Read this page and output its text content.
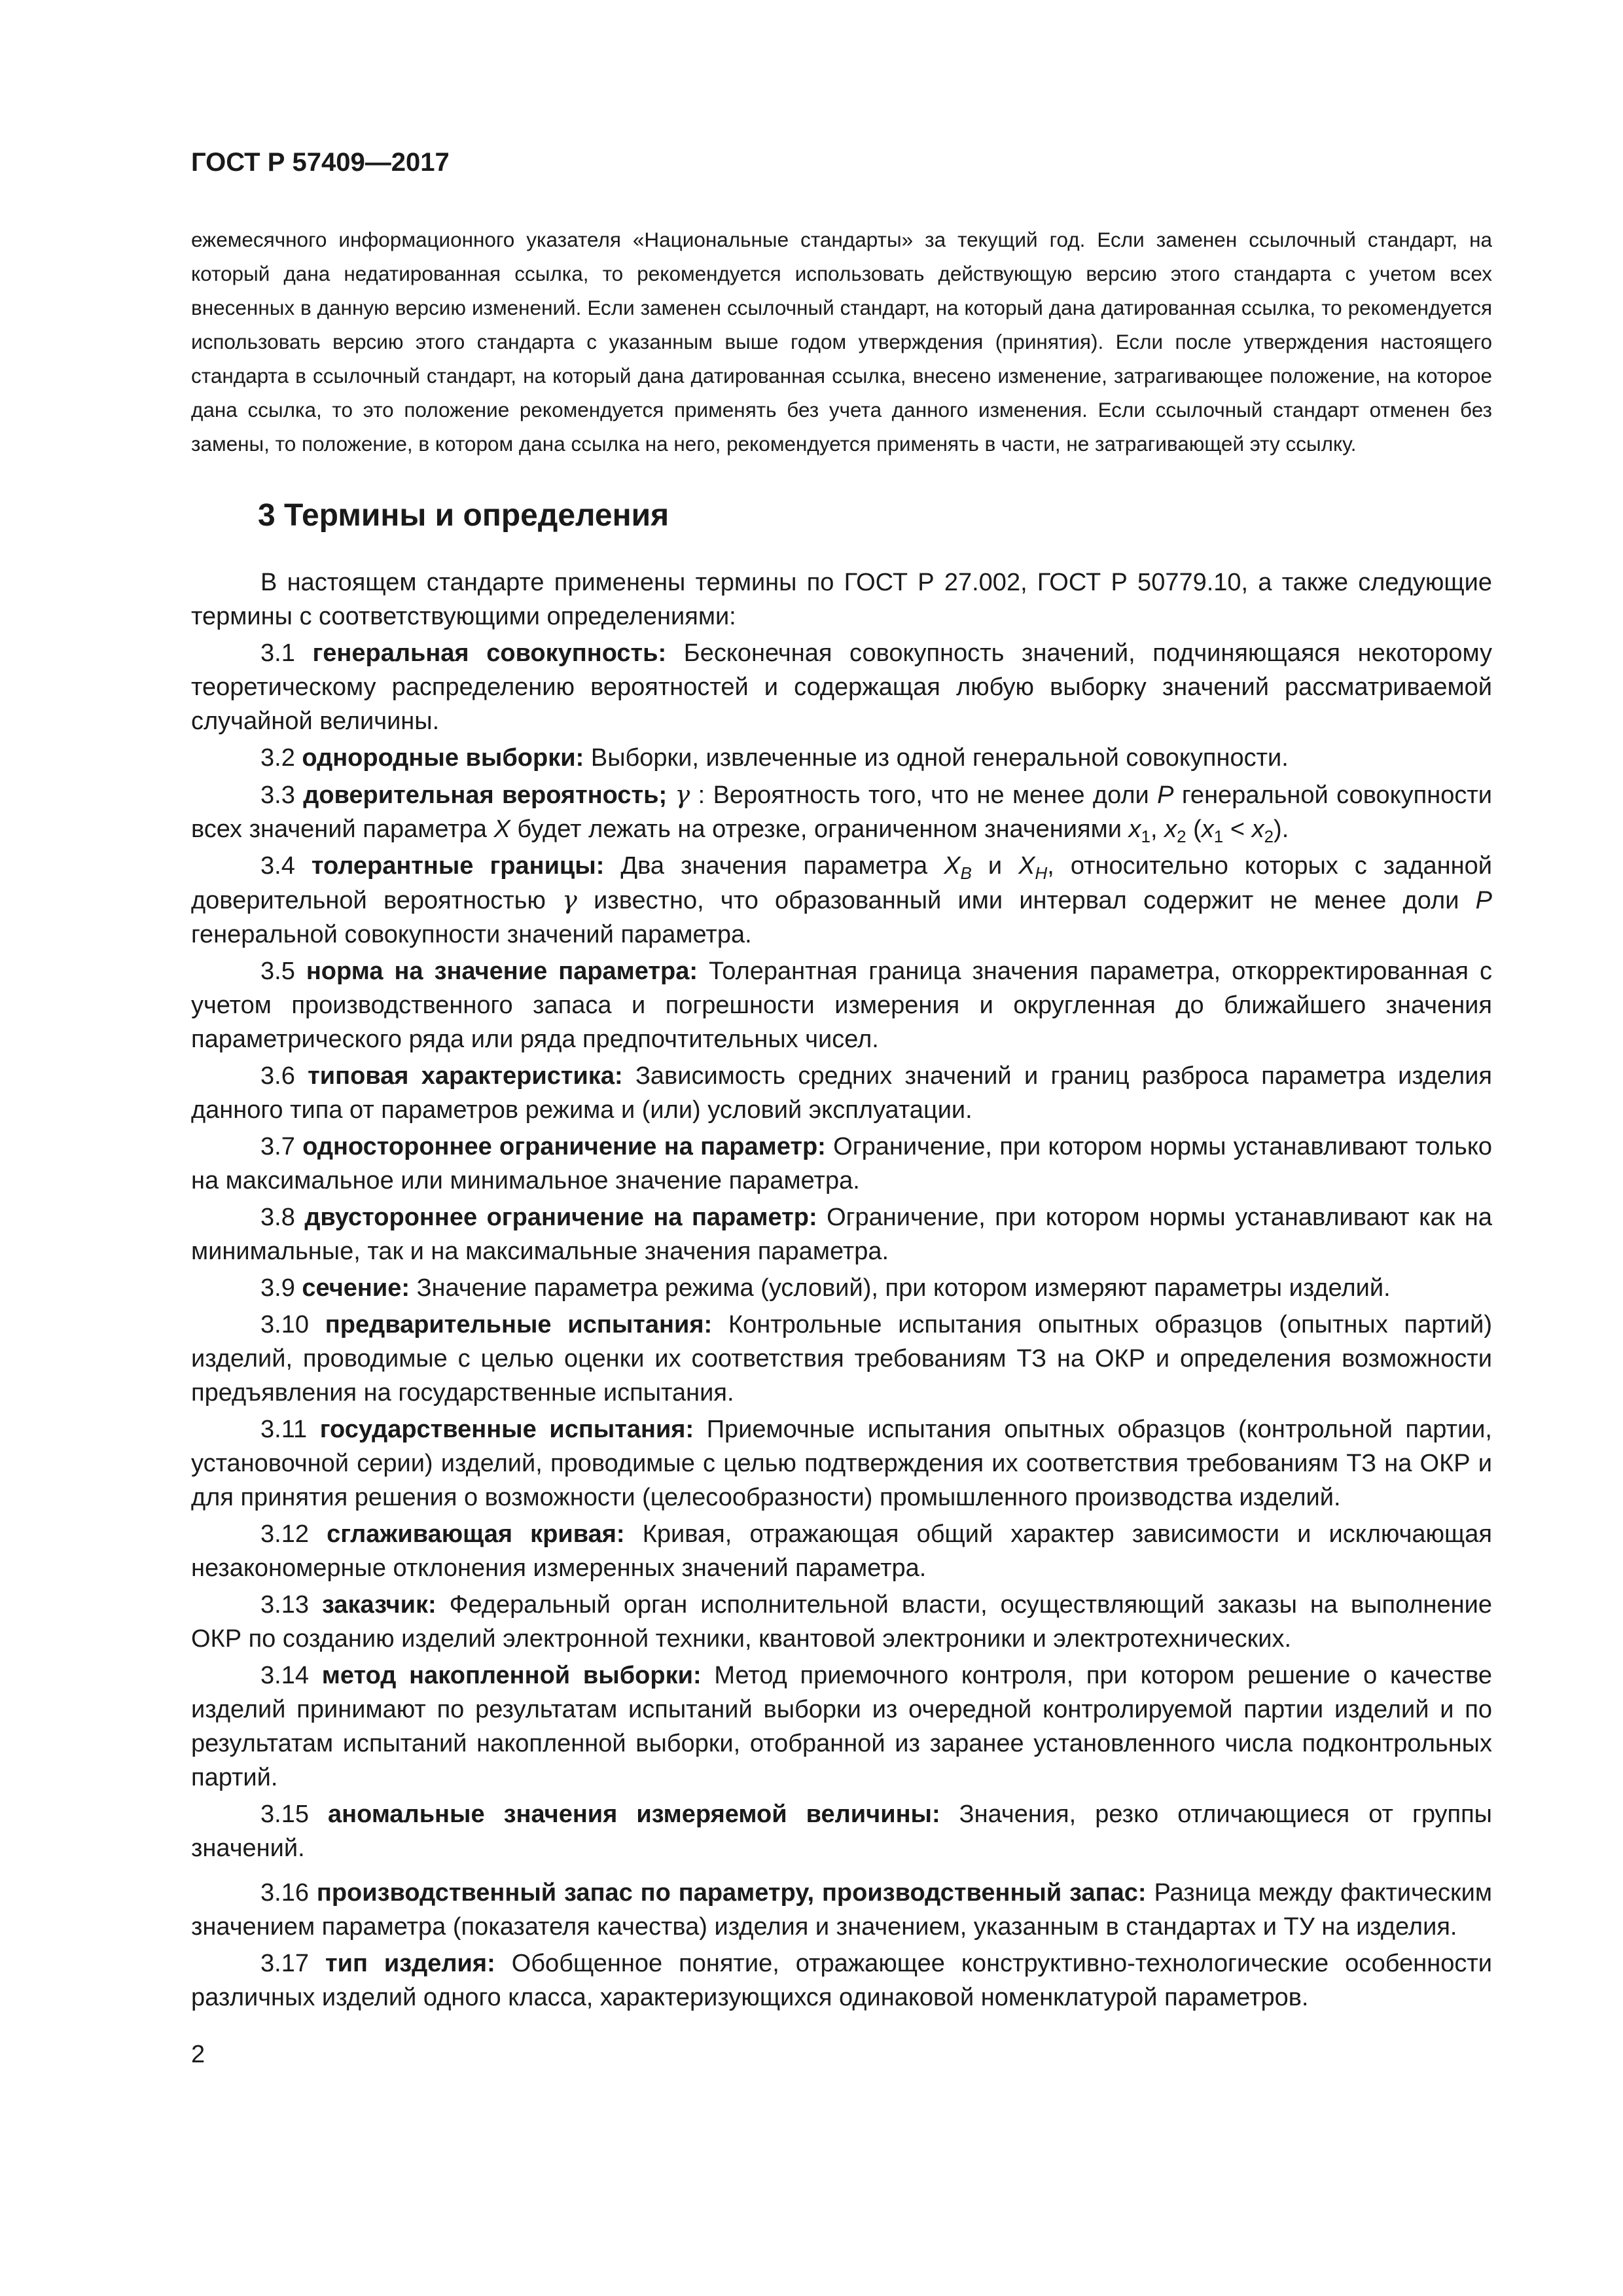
ГОСТ Р 57409—2017

ежемесячного информационного указателя «Национальные стандарты» за текущий год. Если заменен ссылочный стандарт, на который дана недатированная ссылка, то рекомендуется использовать действующую версию этого стандарта с учетом всех внесенных в данную версию изменений. Если заменен ссылочный стандарт, на который дана датированная ссылка, то рекомендуется использовать версию этого стандарта с указанным выше годом утверждения (принятия). Если после утверждения настоящего стандарта в ссылочный стандарт, на который дана датированная ссылка, внесено изменение, затрагивающее положение, на которое дана ссылка, то это положение рекомендуется применять без учета данного изменения. Если ссылочный стандарт отменен без замены, то положение, в котором дана ссылка на него, рекомендуется применять в части, не затрагивающей эту ссылку.

3 Термины и определения

В настоящем стандарте применены термины по ГОСТ Р 27.002, ГОСТ Р 50779.10, а также следующие термины с соответствующими определениями:

3.1 генеральная совокупность: Бесконечная совокупность значений, подчиняющаяся некоторому теоретическому распределению вероятностей и содержащая любую выборку значений рассматриваемой случайной величины.

3.2 однородные выборки: Выборки, извлеченные из одной генеральной совокупности.

3.3 доверительная вероятность; γ : Вероятность того, что не менее доли P генеральной совокупности всех значений параметра X будет лежать на отрезке, ограниченном значениями $x_1$, $x_2$ $(x_1 < x_2)$.

3.4 толерантные границы: Два значения параметра $X_B$ и $X_H$, относительно которых с заданной доверительной вероятностью γ известно, что образованный ими интервал содержит не менее доли P генеральной совокупности значений параметра.

3.5 норма на значение параметра: Толерантная граница значения параметра, откорректированная с учетом производственного запаса и погрешности измерения и округленная до ближайшего значения параметрического ряда или ряда предпочтительных чисел.

3.6 типовая характеристика: Зависимость средних значений и границ разброса параметра изделия данного типа от параметров режима и (или) условий эксплуатации.

3.7 одностороннее ограничение на параметр: Ограничение, при котором нормы устанавливают только на максимальное или минимальное значение параметра.

3.8 двустороннее ограничение на параметр: Ограничение, при котором нормы устанавливают как на минимальные, так и на максимальные значения параметра.

3.9 сечение: Значение параметра режима (условий), при котором измеряют параметры изделий.

3.10 предварительные испытания: Контрольные испытания опытных образцов (опытных партий) изделий, проводимые с целью оценки их соответствия требованиям ТЗ на ОКР и определения возможности предъявления на государственные испытания.

3.11 государственные испытания: Приемочные испытания опытных образцов (контрольной партии, установочной серии) изделий, проводимые с целью подтверждения их соответствия требованиям ТЗ на ОКР и для принятия решения о возможности (целесообразности) промышленного производства изделий.

3.12 сглаживающая кривая: Кривая, отражающая общий характер зависимости и исключающая незакономерные отклонения измеренных значений параметра.

3.13 заказчик: Федеральный орган исполнительной власти, осуществляющий заказы на выполнение ОКР по созданию изделий электронной техники, квантовой электроники и электротехнических.

3.14 метод накопленной выборки: Метод приемочного контроля, при котором решение о качестве изделий принимают по результатам испытаний выборки из очередной контролируемой партии изделий и по результатам испытаний накопленной выборки, отобранной из заранее установленного числа подконтрольных партий.

3.15 аномальные значения измеряемой величины: Значения, резко отличающиеся от группы значений.

3.16 производственный запас по параметру, производственный запас: Разница между фактическим значением параметра (показателя качества) изделия и значением, указанным в стандартах и ТУ на изделия.

3.17 тип изделия: Обобщенное понятие, отражающее конструктивно-технологические особенности различных изделий одного класса, характеризующихся одинаковой номенклатурой параметров.

2
